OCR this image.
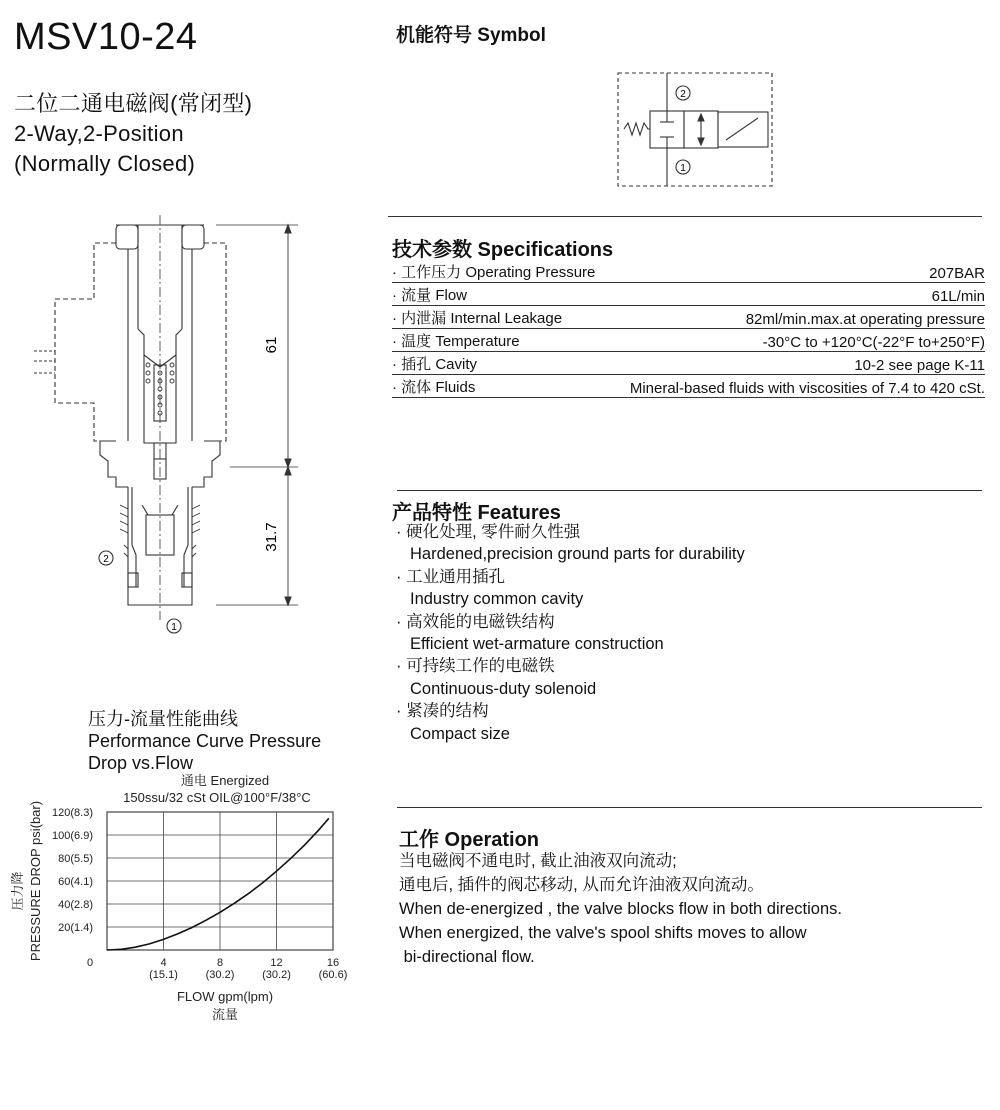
MSV10-24
二位二通电磁阀(常闭型)
2-Way,2-Position
(Normally Closed)
机能符号 Symbol
2
1
61
31.7
2
1
技术参数 Specifications
· 工作压力 Operating Pressure	207BAR
· 流量 Flow	61L/min
· 内泄漏 Internal Leakage	82ml/min.max.at operating pressure
· 温度 Temperature	-30°C to +120°C(-22°F to+250°F)
· 插孔 Cavity	10-2 see page K-11
· 流体 Fluids	Mineral-based fluids with viscosities of 7.4 to 420 cSt.
产品特性 Features
· 硬化处理, 零件耐久性强
Hardened,precision ground parts for durability
· 工业通用插孔
Industry common cavity
· 高效能的电磁铁结构
Efficient wet-armature construction
· 可持续工作的电磁铁
Continuous-duty solenoid
· 紧凑的结构
Compact size
工作 Operation
当电磁阀不通电时, 截止油液双向流动;
通电后, 插件的阀芯移动, 从而允许油液双向流动。
When de-energized , the valve blocks flow in both directions.
When energized, the valve's spool shifts moves to allow
bi-directional flow.
压力-流量性能曲线
Performance Curve Pressure
Drop vs.Flow
通电 Energized
150ssu/32 cSt OIL@100°F/38°C
20(1.4)
40(2.8)
60(4.1)
80(5.5)
100(6.9)
120(8.3)
0	4
(15.1)
8
(30.2)
12
(30.2)
16
(60.6)
FLOW gpm(lpm)
流量
PRESSURE DROP psi(bar)
压力降
